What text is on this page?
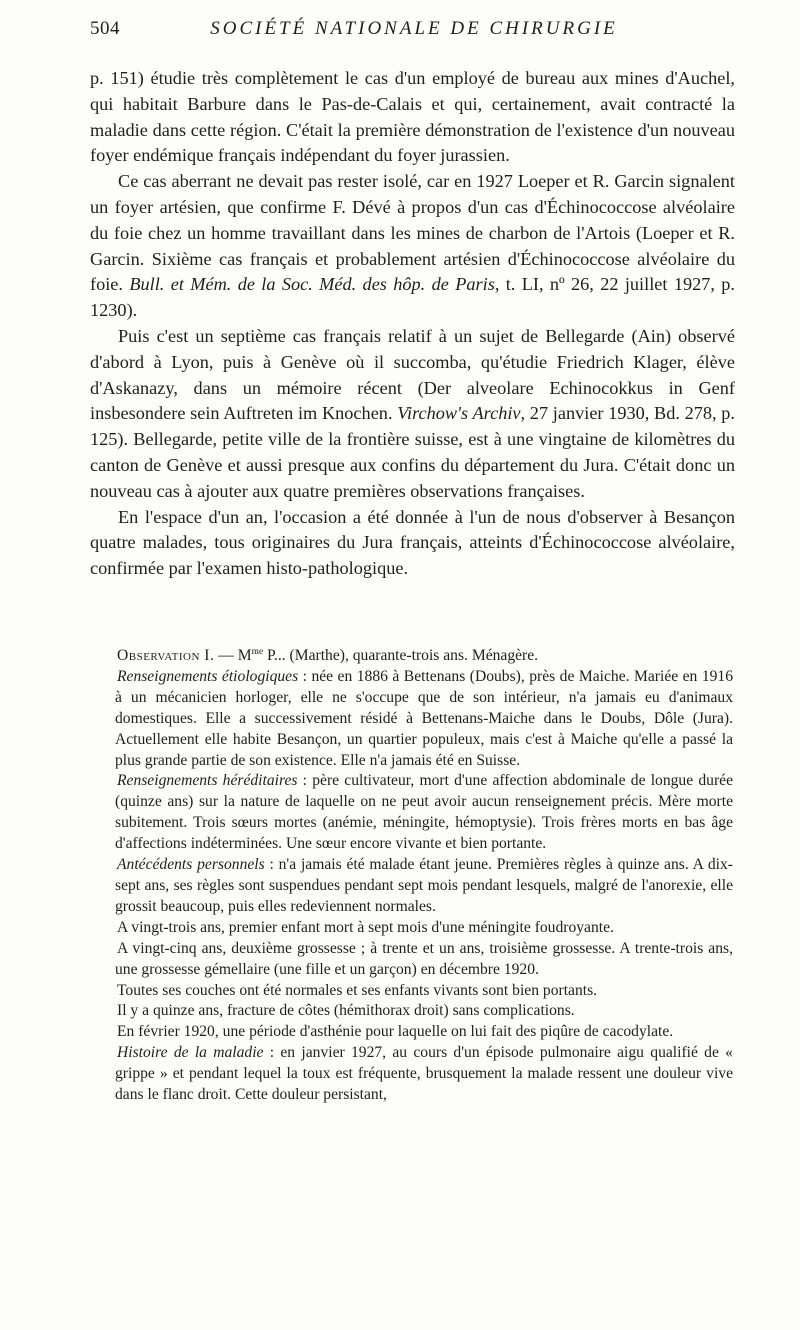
504	SOCIÉTÉ NATIONALE DE CHIRURGIE

p. 151) étudie très complètement le cas d'un employé de bureau aux mines d'Auchel, qui habitait Barbure dans le Pas-de-Calais et qui, certainement, avait contracté la maladie dans cette région. C'était la première démonstration de l'existence d'un nouveau foyer endémique français indépendant du foyer jurassien.

Ce cas aberrant ne devait pas rester isolé, car en 1927 Loeper et R. Garcin signalent un foyer artésien, que confirme F. Dévé à propos d'un cas d'Échinococcose alvéolaire du foie chez un homme travaillant dans les mines de charbon de l'Artois (Loeper et R. Garcin. Sixième cas français et probablement artésien d'Échinococcose alvéolaire du foie. Bull. et Mém. de la Soc. Méd. des hôp. de Paris, t. LI, nº 26, 22 juillet 1927, p. 1230).

Puis c'est un septième cas français relatif à un sujet de Bellegarde (Ain) observé d'abord à Lyon, puis à Genève où il succomba, qu'étudie Friedrich Klager, élève d'Askanazy, dans un mémoire récent (Der alveolare Echinocokkus in Genf insbesondere sein Auftreten im Knochen. Virchow's Archiv, 27 janvier 1930, Bd. 278, p. 125). Bellegarde, petite ville de la frontière suisse, est à une vingtaine de kilomètres du canton de Genève et aussi presque aux confins du département du Jura. C'était donc un nouveau cas à ajouter aux quatre premières observations françaises.

En l'espace d'un an, l'occasion a été donnée à l'un de nous d'observer à Besançon quatre malades, tous originaires du Jura français, atteints d'Échinococcose alvéolaire, confirmée par l'examen histo-pathologique.

Observation I. — $M^{me}$ P... (Marthe), quarante-trois ans. Ménagère.

Renseignements étiologiques : née en 1886 à Bettenans (Doubs), près de Maiche. Mariée en 1916 à un mécanicien horloger, elle ne s'occupe que de son intérieur, n'a jamais eu d'animaux domestiques. Elle a successivement résidé à Bettenans-Maiche dans le Doubs, Dôle (Jura). Actuellement elle habite Besançon, un quartier populeux, mais c'est à Maiche qu'elle a passé la plus grande partie de son existence. Elle n'a jamais été en Suisse.

Renseignements héréditaires : père cultivateur, mort d'une affection abdominale de longue durée (quinze ans) sur la nature de laquelle on ne peut avoir aucun renseignement précis. Mère morte subitement. Trois sœurs mortes (anémie, méningite, hémoptysie). Trois frères morts en bas âge d'affections indéterminées. Une sœur encore vivante et bien portante.

Antécédents personnels : n'a jamais été malade étant jeune. Premières règles à quinze ans. A dix-sept ans, ses règles sont suspendues pendant sept mois pendant lesquels, malgré de l'anorexie, elle grossit beaucoup, puis elles redeviennent normales.

A vingt-trois ans, premier enfant mort à sept mois d'une méningite foudroyante.

A vingt-cinq ans, deuxième grossesse ; à trente et un ans, troisième grossesse. A trente-trois ans, une grossesse gémellaire (une fille et un garçon) en décembre 1920.

Toutes ses couches ont été normales et ses enfants vivants sont bien portants.

Il y a quinze ans, fracture de côtes (hémithorax droit) sans complications.

En février 1920, une période d'asthénie pour laquelle on lui fait des piqûre de cacodylate.

Histoire de la maladie : en janvier 1927, au cours d'un épisode pulmonaire aigu qualifié de « grippe » et pendant lequel la toux est fréquente, brusquement la malade ressent une douleur vive dans le flanc droit. Cette douleur persistant,
